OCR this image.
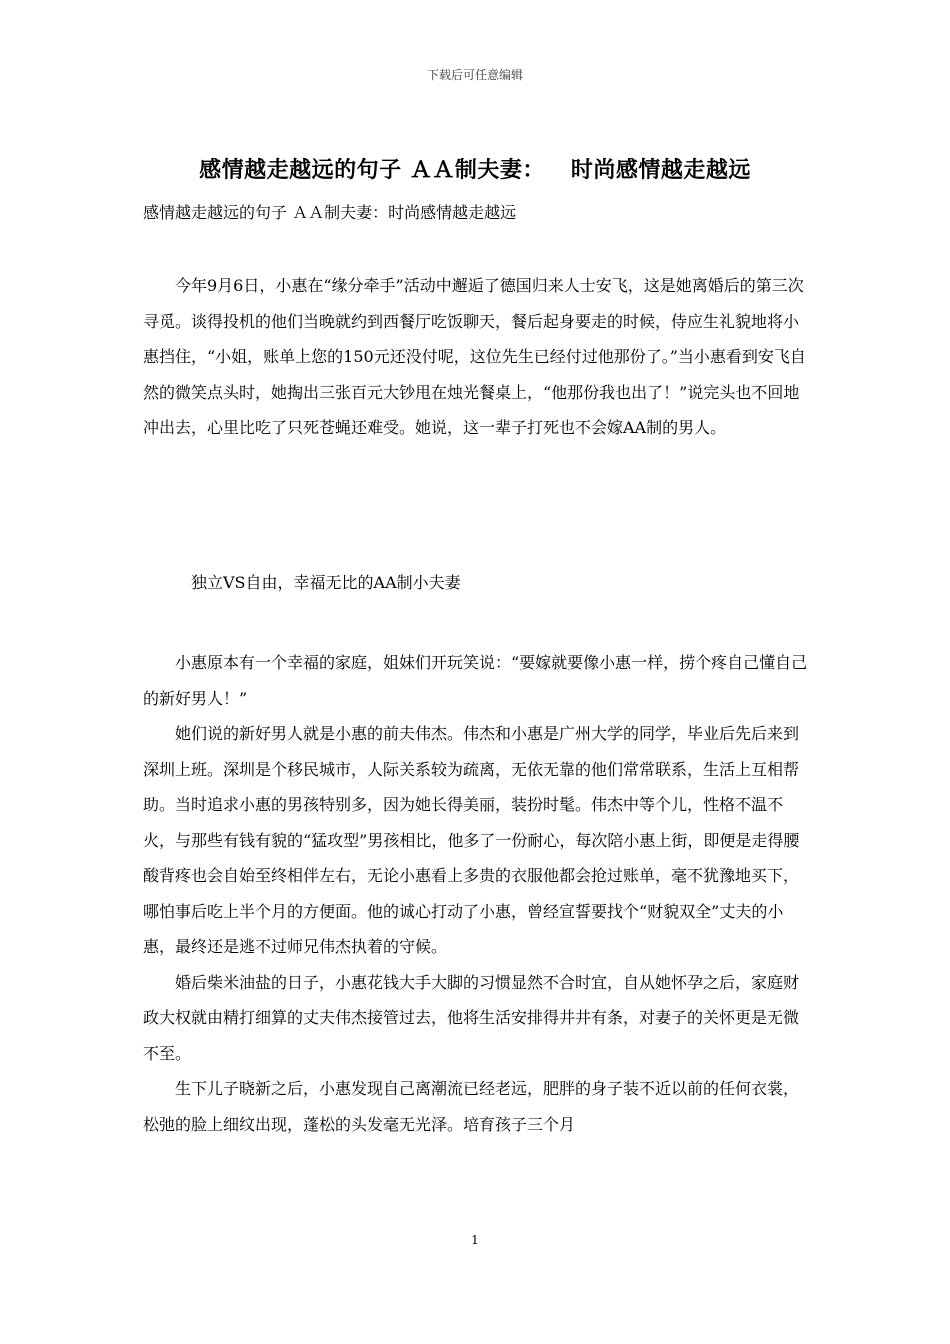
下载后可任意编辑
感情越走越远的句子 ＡＡ制夫妻： 时尚感情越走越远
感情越走越远的句子 ＡＡ制夫妻：时尚感情越走越远

今年9月6日，小惠在“缘分牵手”活动中邂逅了德国归来人士安飞，这是她离婚后的第三次寻觅。谈得投机的他们当晚就约到西餐厅吃饭聊天，餐后起身要走的时候，侍应生礼貌地将小惠挡住，“小姐，账单上您的150元还没付呢，这位先生已经付过他那份了。”当小惠看到安飞自然的微笑点头时，她掏出三张百元大钞甩在烛光餐桌上，“他那份我也出了！”说完头也不回地冲出去，心里比吃了只死苍蝇还难受。她说，这一辈子打死也不会嫁AA制的男人。

独立VS自由，幸福无比的AA制小夫妻

小惠原本有一个幸福的家庭，姐妹们开玩笑说：“要嫁就要像小惠一样，捞个疼自己懂自己的新好男人！”

她们说的新好男人就是小惠的前夫伟杰。伟杰和小惠是广州大学的同学，毕业后先后来到深圳上班。深圳是个移民城市，人际关系较为疏离，无依无靠的他们常常联系，生活上互相帮助。当时追求小惠的男孩特别多，因为她长得美丽，装扮时髦。伟杰中等个儿，性格不温不火，与那些有钱有貌的“猛攻型”男孩相比，他多了一份耐心，每次陪小惠上街，即便是走得腰酸背疼也会自始至终相伴左右，无论小惠看上多贵的衣服他都会抢过账单，毫不犹豫地买下，哪怕事后吃上半个月的方便面。他的诚心打动了小惠，曾经宣誓要找个“财貌双全”丈夫的小惠，最终还是逃不过师兄伟杰执着的守候。

婚后柴米油盐的日子，小惠花钱大手大脚的习惯显然不合时宜，自从她怀孕之后，家庭财政大权就由精打细算的丈夫伟杰接管过去，他将生活安排得井井有条，对妻子的关怀更是无微不至。

生下儿子晓新之后，小惠发现自己离潮流已经老远，肥胖的身子装不近以前的任何衣裳，松弛的脸上细纹出现，蓬松的头发毫无光泽。培育孩子三个月

1
